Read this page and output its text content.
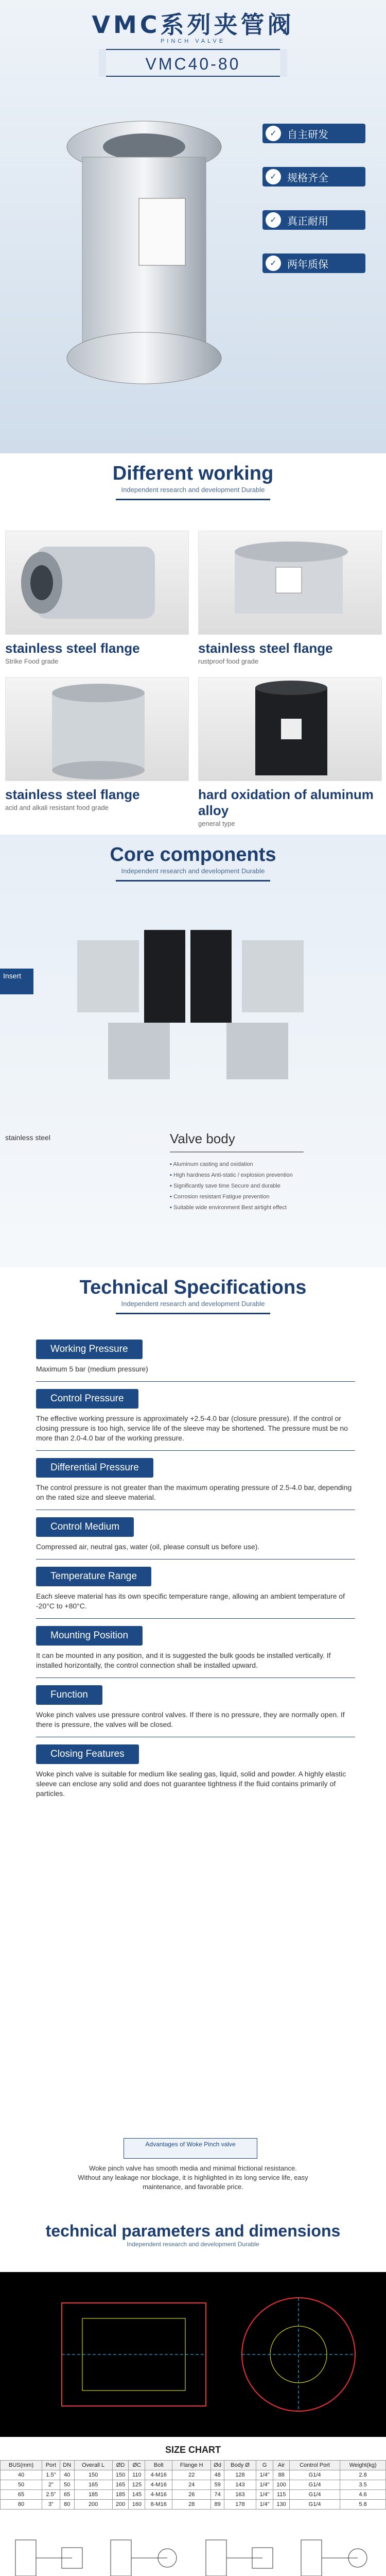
VMC系列夹管阀
PINCH VALVE
VMC40-80
✓	自主研发
✓	规格齐全
✓	真正耐用
✓	两年质保
Different working
Independent research and development Durable
stainless steel flange
Strike Food grade
stainless steel flange
rustproof food grade
stainless steel flange
acid and alkali resistant food grade
hard oxidation of aluminum alloy
general type
Core components
Independent research and development Durable
Insert
stainless steel	Valve body
▪ Aluminum casting and oxidation
▪ High hardness Anti-static / explosion prevention
▪ Significantly save time Secure and durable
▪ Corrosion resistant Fatigue prevention
▪ Suitable wide environment Best airtight effect
Technical Specifications
Independent research and development Durable
Working Pressure
Maximum 5 bar (medium pressure)
Control Pressure
The effective working pressure is approximately +2.5-4.0 bar (closure pressure). If the control or closing pressure is too high, service life of the sleeve may be shortened. The pressure must be no more than 2.0-4.0 bar of the working pressure.
Differential Pressure
The control pressure is not greater than the maximum operating pressure of 2.5-4.0 bar, depending on the rated size and sleeve material.
Control Medium
Compressed air, neutral gas, water (oil, please consult us before use).
Temperature Range
Each sleeve material has its own specific temperature range, allowing an ambient temperature of -20°C to +80°C.
Mounting Position
It can be mounted in any position, and it is suggested the bulk goods be installed vertically. If installed horizontally, the control connection shall be installed upward.
Function
Woke pinch valves use pressure control valves. If there is no pressure, they are normally open. If there is pressure, the valves will be closed.
Closing Features
Woke pinch valve is suitable for medium like sealing gas, liquid, solid and powder. A highly elastic sleeve can enclose any solid and does not guarantee tightness if the fluid contains primarily of particles.
Advantages of Woke Pinch valve
Woke pinch valve has smooth media and minimal frictional resistance. Without any leakage nor blockage, it is highlighted in its long service life, easy maintenance, and favorable price.
technical parameters and dimensions
Independent research and development Durable
SIZE CHART
BUS(mm)	Port	DN	Overall L	ØD	ØC	Bolt	Flange H	Ød	Body Ø	G	Air	Control Port	Weight(kg)
40	1.5"	40	150	150	110	4-M16	22	48	128	1/4"	88	G1/4	2.8
50	2"	50	165	165	125	4-M16	24	59	143	1/4"	100	G1/4	3.5
65	2.5"	65	185	185	145	4-M16	26	74	163	1/4"	115	G1/4	4.6
80	3"	80	200	200	160	8-M16	28	89	178	1/4"	130	G1/4	5.8
